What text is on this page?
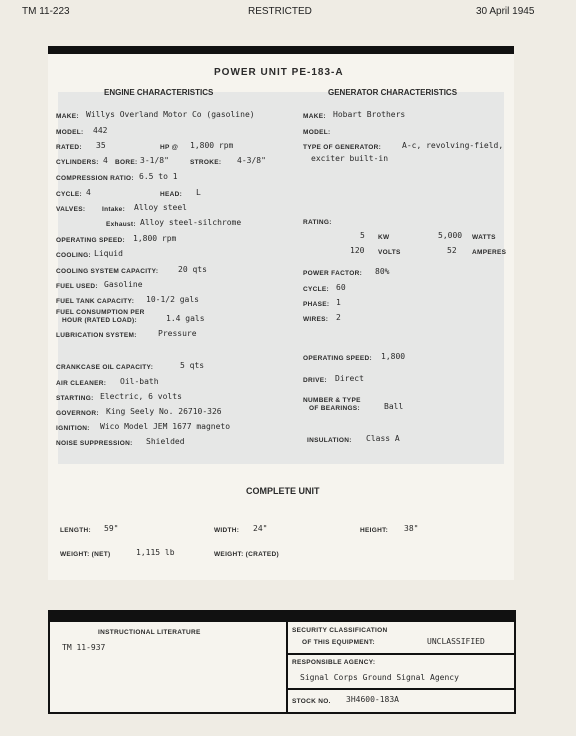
TM 11-223	RESTRICTED	30 April 1945
POWER UNIT PE-183-A
ENGINE CHARACTERISTICS
MAKE: Willys Overland Motor Co (gasoline)
MODEL: 442
RATED: 35	HP @ 1,800 rpm
CYLINDERS: 4 BORE: 3-1/8"	STROKE: 4-3/8"
COMPRESSION RATIO: 6.5 to 1
CYCLE: 4	HEAD: L
VALVES:	Intake: Alloy steel
Exhaust: Alloy steel-silchrome
OPERATING SPEED: 1,800 rpm
COOLING: Liquid
COOLING SYSTEM CAPACITY: 20 qts
FUEL USED: Gasoline
FUEL TANK CAPACITY: 10-1/2 gals
FUEL CONSUMPTION PER
HOUR (RATED LOAD):	1.4 gals
LUBRICATION SYSTEM:	Pressure
CRANKCASE OIL CAPACITY:	5 qts
AIR CLEANER: Oil-bath
STARTING: Electric, 6 volts
GOVERNOR: King Seely No. 26710-326
IGNITION: Wico Model JEM 1677 magneto
NOISE SUPPRESSION: Shielded
GENERATOR CHARACTERISTICS
MAKE: Hobart Brothers
MODEL:
TYPE OF GENERATOR:	A-c, revolving-field,
exciter built-in
RATING:
5 KW	5,000 WATTS
120 VOLTS	52 AMPERES
POWER FACTOR: 80%
CYCLE: 60
PHASE: 1
WIRES: 2
OPERATING SPEED: 1,800
DRIVE: Direct
NUMBER & TYPE
OF BEARINGS:	Ball
INSULATION: Class A
COMPLETE UNIT
LENGTH: 59"	WIDTH: 24"	HEIGHT: 38"
WEIGHT: (NET)	1,115 lb	WEIGHT: (CRATED)
INSTRUCTIONAL LITERATURE
TM 11-937
SECURITY CLASSIFICATION
OF THIS EQUIPMENT:	UNCLASSIFIED
RESPONSIBLE AGENCY:
Signal Corps Ground Signal Agency
STOCK NO. 3H4600-183A
